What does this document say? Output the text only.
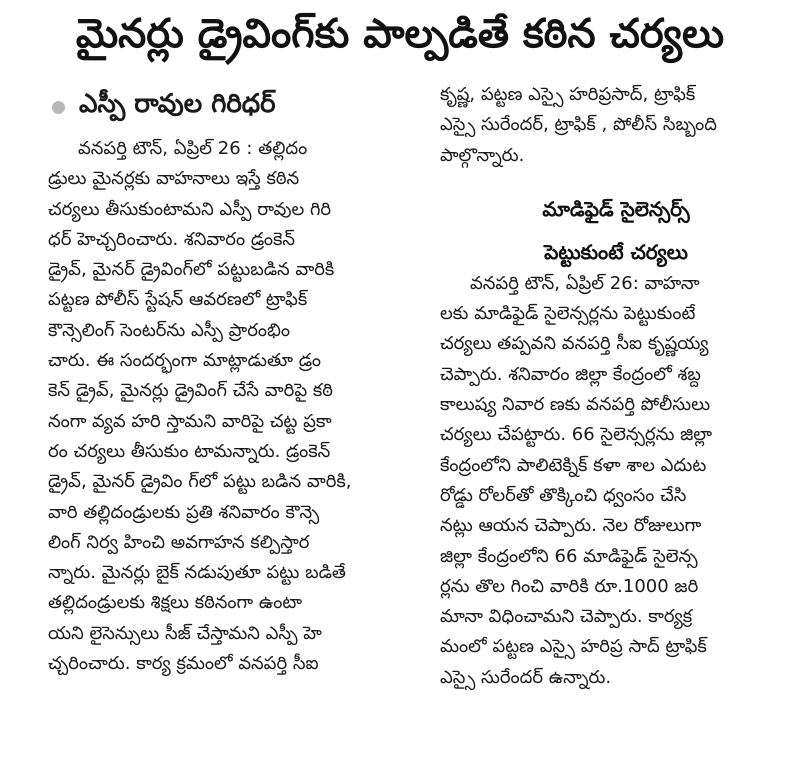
మైనర్లు డ్రైవింగ్‌కు పాల్పడితే కఠిన చర్యలు
ఎస్పీ రావుల గిరిధర్

వనపర్తి టౌన్, ఏప్రిల్ 26 : తల్లిదం
డ్రులు మైనర్లకు వాహనాలు ఇస్తే కఠిన
చర్యలు తీసుకుంటామని ఎస్పీ రావుల గిరి
ధర్ హెచ్చరించారు. శనివారం డ్రంకెన్
డ్రైవ్, మైనర్ డ్రైవింగ్‌లో పట్టుబడిన వారికి
పట్టణ పోలీస్ స్టేషన్ ఆవరణలో ట్రాఫిక్
కౌన్సెలింగ్ సెంటర్‌ను ఎస్పీ ప్రారంభిం
చారు. ఈ సందర్భంగా మాట్లాడుతూ డ్రం
కెన్ డ్రైవ్, మైనర్లు డ్రైవింగ్ చేసే వారిపై కఠి
నంగా వ్యవ హరి స్తామని వారిపై చట్ట ప్రకా
రం చర్యలు తీసుకుం టామన్నారు. డ్రంకెన్
డ్రైవ్, మైనర్ డ్రైవిం గ్‌లో పట్టు బడిన వారికి,
వారి తల్లిదండ్రులకు ప్రతి శనివారం కౌన్సె
లింగ్ నిర్వ హించి అవగాహన కల్పిస్తార
న్నారు. మైనర్లు బైక్ నడుపుతూ పట్టు బడితే
తల్లిదండ్రులకు శిక్షలు కఠినంగా ఉంటా
యని లైసెన్సులు సీజ్ చేస్తామని ఎస్పీ హె
చ్చరించారు. కార్య క్రమంలో వనపర్తి సీఐ

కృష్ణ, పట్టణ ఎస్సై హరిప్రసాద్, ట్రాఫిక్
ఎస్సై సురేందర్, ట్రాఫిక్ , పోలీస్ సిబ్బంది
పాల్గొన్నారు.

మాడిఫైడ్ సైలెన్సర్స్
పెట్టుకుంటే చర్యలు

వనపర్తి టౌన్, ఏప్రిల్ 26: వాహనా
లకు మాడిఫైడ్ సైలెన్సర్లను పెట్టుకుంటే
చర్యలు తప్పవని వనపర్తి సీఐ కృష్ణయ్య
చెప్పారు. శనివారం జిల్లా కేంద్రంలో శబ్ద
కాలుష్య నివార ణకు వనపర్తి పోలీసులు
చర్యలు చేపట్టారు. 66 సైలెన్సర్లను జిల్లా
కేంద్రంలోని పాలిటెక్నిక్ కళా శాల ఎదుట
రోడ్డు రోలర్‌తో తొక్కించి ధ్వంసం చేసి
నట్లు ఆయన చెప్పారు. నెల రోజులుగా
జిల్లా కేంద్రంలోని 66 మాడిఫైడ్ సైలెన్స
ర్లను తొల గించి వారికి రూ.1000 జరి
మానా విధించామని చెప్పారు. కార్యక్ర
మంలో పట్టణ ఎస్సై హరిప్ర సాద్ ట్రాఫిక్
ఎస్సై సురేందర్ ఉన్నారు.
